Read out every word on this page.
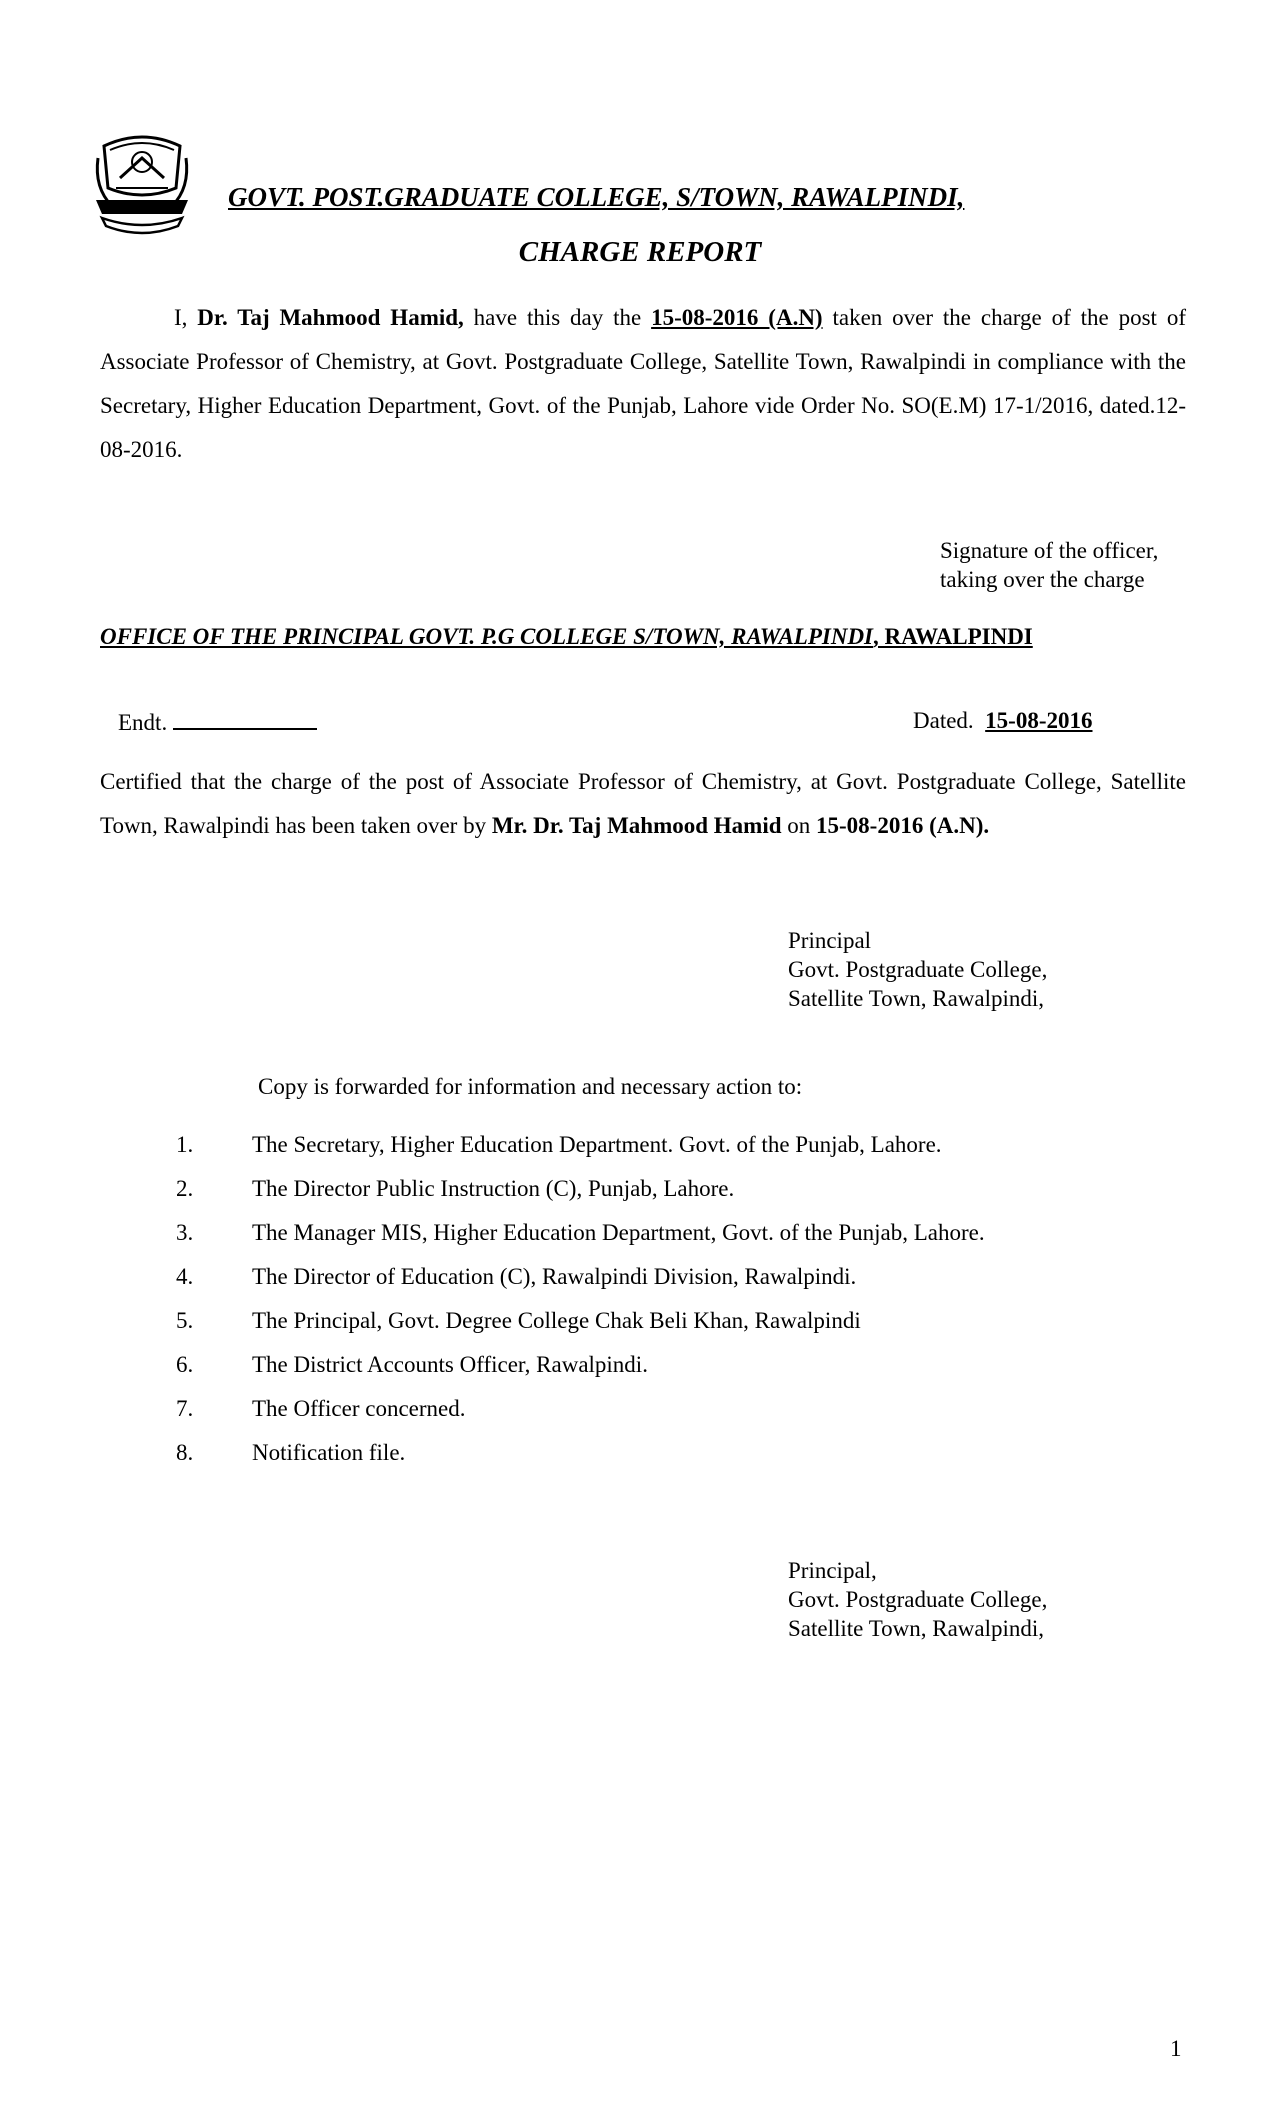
GOVT. POST.GRADUATE COLLEGE, S/TOWN, RAWALPINDI,
CHARGE REPORT
I, Dr. Taj Mahmood Hamid, have this day the 15-08-2016 (A.N) taken over the charge of the post of Associate Professor of Chemistry, at Govt. Postgraduate College, Satellite Town, Rawalpindi in compliance with the Secretary, Higher Education Department, Govt. of the Punjab, Lahore vide Order No. SO(E.M) 17-1/2016, dated.12-08-2016.
Signature of the officer,
taking over the charge
OFFICE OF THE PRINCIPAL GOVT. P.G COLLEGE S/TOWN, RAWALPINDI, RAWALPINDI
Endt.	Dated. 15-08-2016
Certified that the charge of the post of Associate Professor of Chemistry, at Govt. Postgraduate College, Satellite Town, Rawalpindi has been taken over by Mr. Dr. Taj Mahmood Hamid on 15-08-2016 (A.N).
Principal
Govt. Postgraduate College,
Satellite Town, Rawalpindi,
Copy is forwarded for information and necessary action to:
1.	The Secretary, Higher Education Department. Govt. of the Punjab, Lahore.
2.	The Director Public Instruction (C), Punjab, Lahore.
3.	The Manager MIS, Higher Education Department, Govt. of the Punjab, Lahore.
4.	The Director of Education (C), Rawalpindi Division, Rawalpindi.
5.	The Principal, Govt. Degree College Chak Beli Khan, Rawalpindi
6.	The District Accounts Officer, Rawalpindi.
7.	The Officer concerned.
8.	Notification file.
Principal,
Govt. Postgraduate College,
Satellite Town, Rawalpindi,
1
